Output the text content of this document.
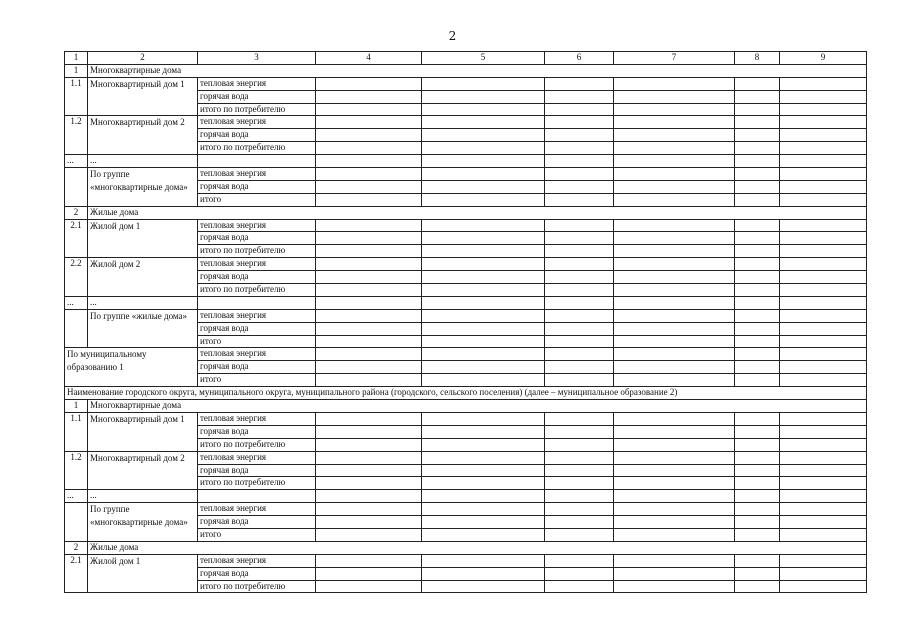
2
1	2	3	4	5	6	7	8	9
1	Многоквартирные дома							
1.1	Многоквартирный дом 1	тепловая энергия						
		горячая вода						
		итого по потребителю						
1.2	Многоквартирный дом 2	тепловая энергия						
		горячая вода						
		итого по потребителю						
...	...							
	По группе «многоквартирные дома»	тепловая энергия						
		горячая вода						
		итого						
2	Жилые дома							
2.1	Жилой дом 1	тепловая энергия						
		горячая вода						
		итого по потребителю						
2.2	Жилой дом 2	тепловая энергия						
		горячая вода						
		итого по потребителю						
...	...							
	По группе «жилые дома»	тепловая энергия						
		горячая вода						
		итого						
По муниципальному образованию 1		тепловая энергия						
		горячая вода						
		итого						
Наименование городского округа, муниципального округа, муниципального района (городского, сельского поселения) (далее – муниципальное образование 2)								
1	Многоквартирные дома							
1.1	Многоквартирный дом 1	тепловая энергия						
		горячая вода						
		итого по потребителю						
1.2	Многоквартирный дом 2	тепловая энергия						
		горячая вода						
		итого по потребителю						
...	...							
	По группе «многоквартирные дома»	тепловая энергия						
		горячая вода						
		итого						
2	Жилые дома							
2.1	Жилой дом 1	тепловая энергия						
		горячая вода						
		итого по потребителю						
